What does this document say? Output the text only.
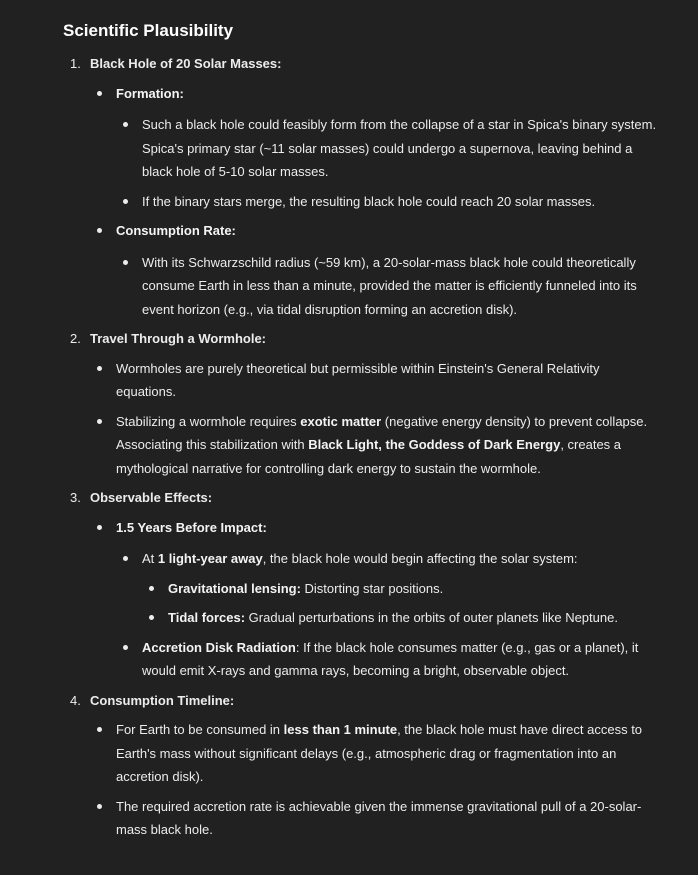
Scientific Plausibility
1. Black Hole of 20 Solar Masses:
Formation:
Such a black hole could feasibly form from the collapse of a star in Spica's binary system. Spica's primary star (~11 solar masses) could undergo a supernova, leaving behind a black hole of 5-10 solar masses.
If the binary stars merge, the resulting black hole could reach 20 solar masses.
Consumption Rate:
With its Schwarzschild radius (~59 km), a 20-solar-mass black hole could theoretically consume Earth in less than a minute, provided the matter is efficiently funneled into its event horizon (e.g., via tidal disruption forming an accretion disk).
2. Travel Through a Wormhole:
Wormholes are purely theoretical but permissible within Einstein's General Relativity equations.
Stabilizing a wormhole requires exotic matter (negative energy density) to prevent collapse. Associating this stabilization with Black Light, the Goddess of Dark Energy, creates a mythological narrative for controlling dark energy to sustain the wormhole.
3. Observable Effects:
1.5 Years Before Impact:
At 1 light-year away, the black hole would begin affecting the solar system:
Gravitational lensing: Distorting star positions.
Tidal forces: Gradual perturbations in the orbits of outer planets like Neptune.
Accretion Disk Radiation: If the black hole consumes matter (e.g., gas or a planet), it would emit X-rays and gamma rays, becoming a bright, observable object.
4. Consumption Timeline:
For Earth to be consumed in less than 1 minute, the black hole must have direct access to Earth's mass without significant delays (e.g., atmospheric drag or fragmentation into an accretion disk).
The required accretion rate is achievable given the immense gravitational pull of a 20-solar-mass black hole.
